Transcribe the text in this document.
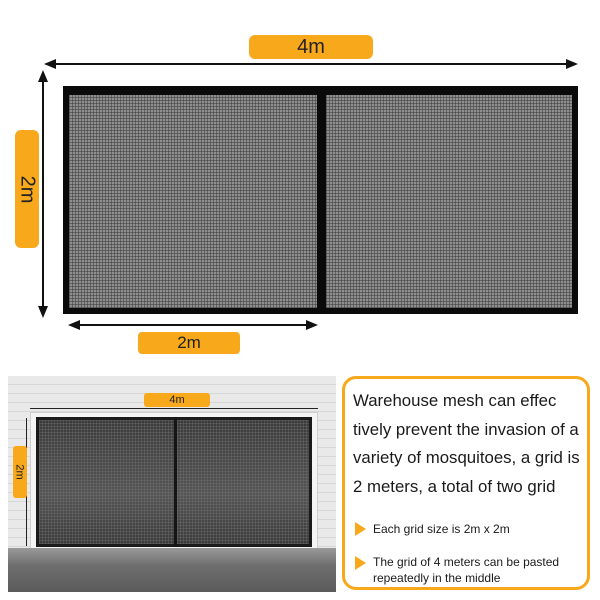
4m
2m
2m
4m
2m
Warehouse mesh can effec tively prevent the invasion of a variety of mosquitoes, a grid is 2 meters, a total of two grid
Each grid size is 2m x 2m
The grid of 4 meters can be pasted repeatedly in the middle
